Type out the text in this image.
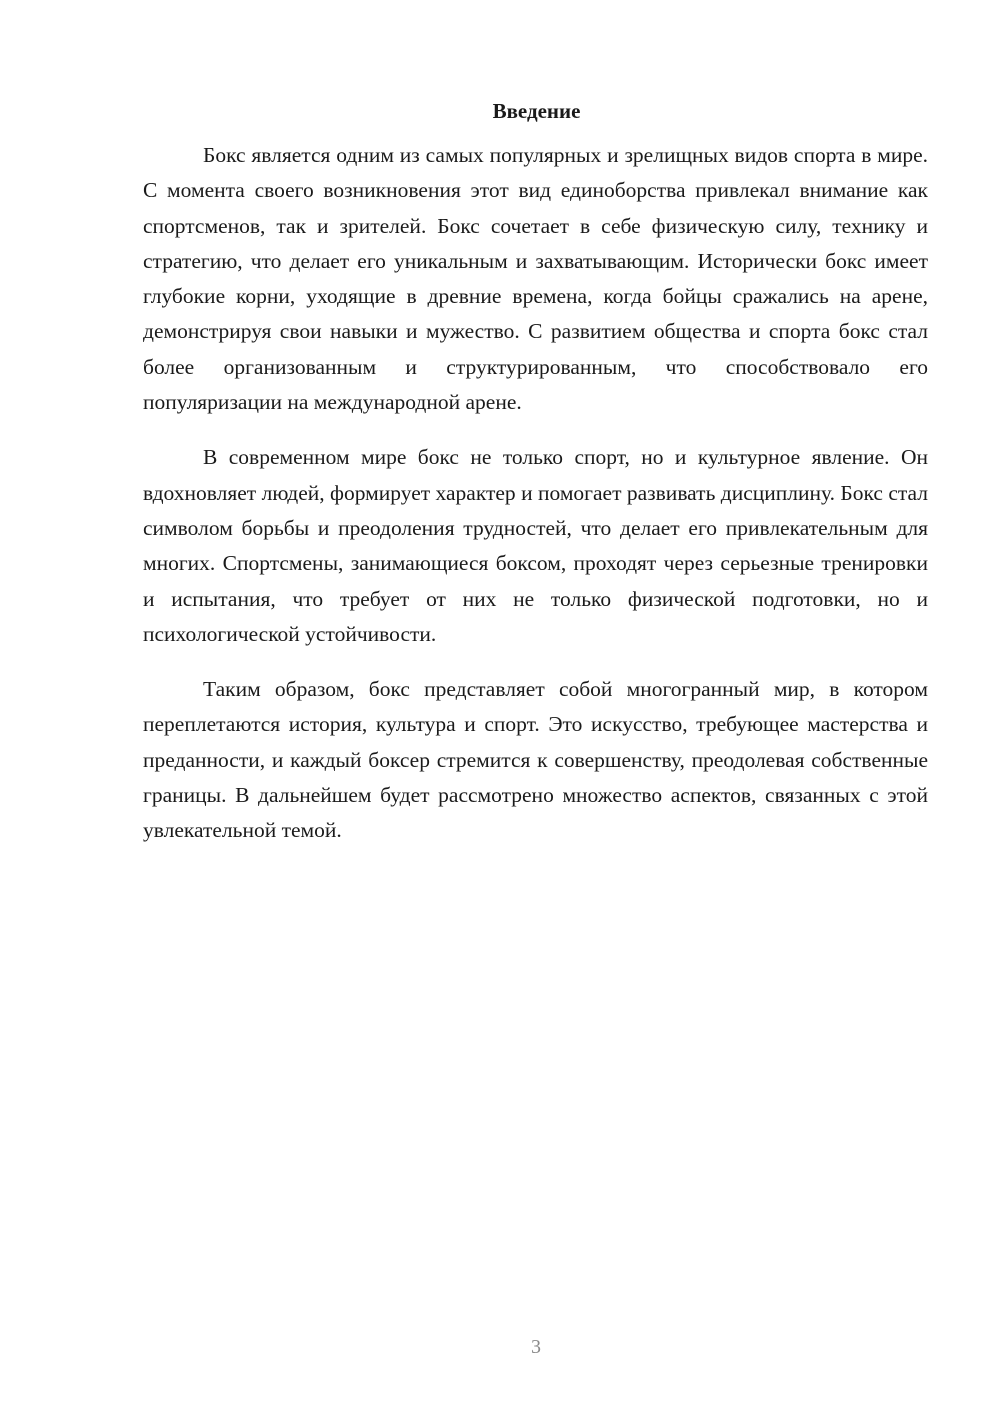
Введение

Бокс является одним из самых популярных и зрелищных видов спорта в мире. С момента своего возникновения этот вид единоборства привлекал внимание как спортсменов, так и зрителей. Бокс сочетает в себе физическую силу, технику и стратегию, что делает его уникальным и захватывающим. Исторически бокс имеет глубокие корни, уходящие в древние времена, когда бойцы сражались на арене, демонстрируя свои навыки и мужество. С развитием общества и спорта бокс стал более организованным и структурированным, что способствовало его популяризации на международной арене.

В современном мире бокс не только спорт, но и культурное явление. Он вдохновляет людей, формирует характер и помогает развивать дисциплину. Бокс стал символом борьбы и преодоления трудностей, что делает его привлекательным для многих. Спортсмены, занимающиеся боксом, проходят через серьезные тренировки и испытания, что требует от них не только физической подготовки, но и психологической устойчивости.

Таким образом, бокс представляет собой многогранный мир, в котором переплетаются история, культура и спорт. Это искусство, требующее мастерства и преданности, и каждый боксер стремится к совершенству, преодолевая собственные границы. В дальнейшем будет рассмотрено множество аспектов, связанных с этой увлекательной темой.

3
